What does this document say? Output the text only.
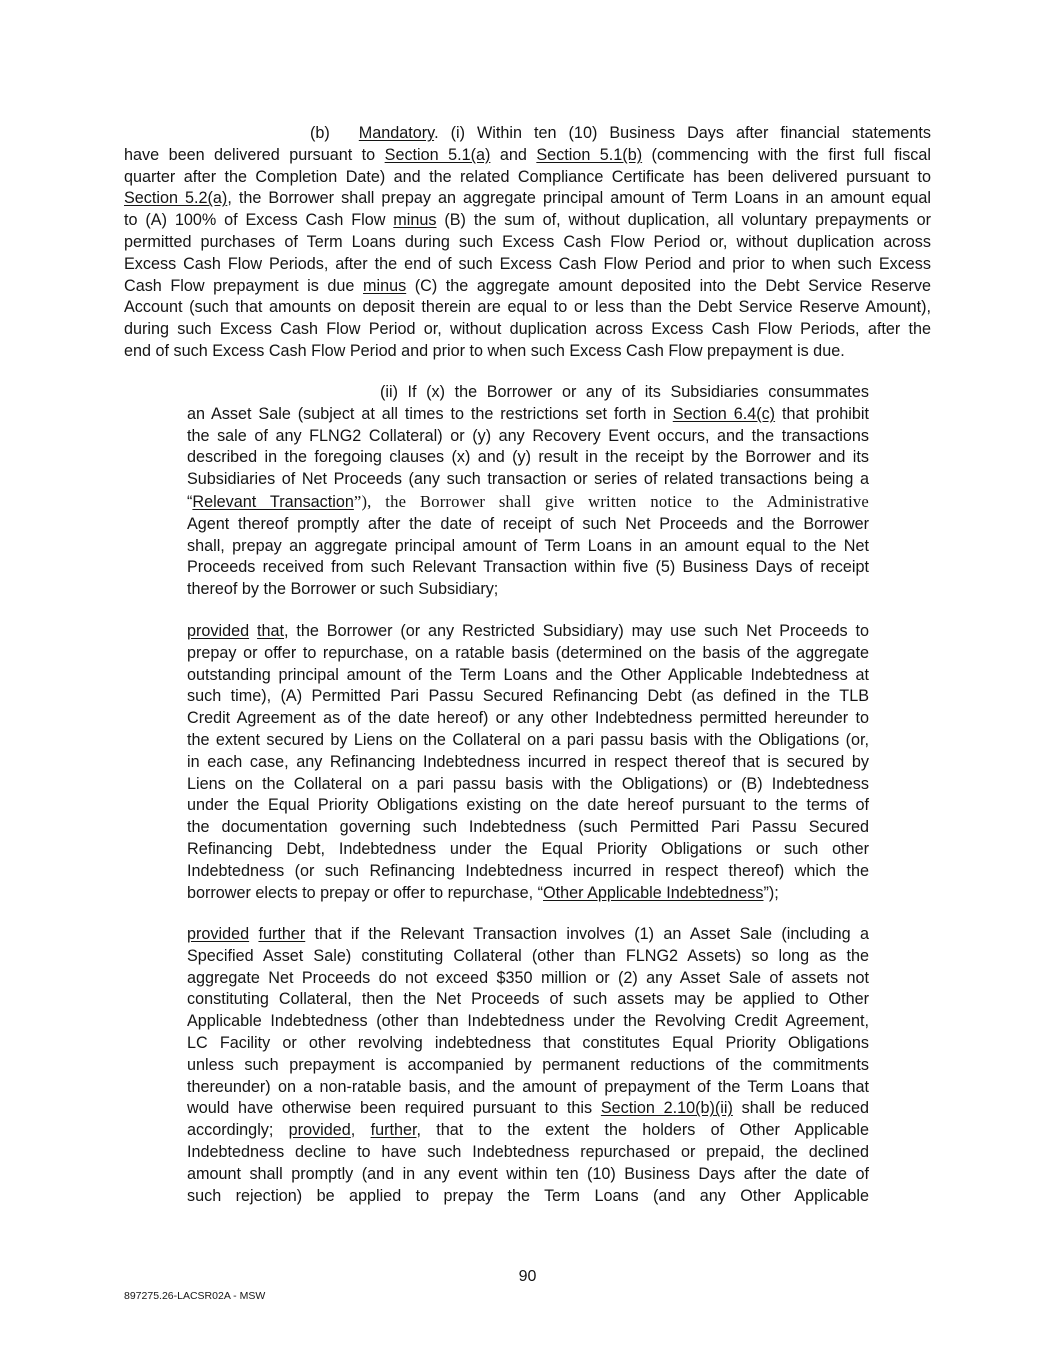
(b) Mandatory. (i) Within ten (10) Business Days after financial statements
have been delivered pursuant to Section 5.1(a) and Section 5.1(b) (commencing with the first full fiscal
quarter after the Completion Date) and the related Compliance Certificate has been delivered pursuant to
Section 5.2(a), the Borrower shall prepay an aggregate principal amount of Term Loans in an amount equal
to (A) 100% of Excess Cash Flow minus (B) the sum of, without duplication, all voluntary prepayments or
permitted purchases of Term Loans during such Excess Cash Flow Period or, without duplication across
Excess Cash Flow Periods, after the end of such Excess Cash Flow Period and prior to when such Excess
Cash Flow prepayment is due minus (C) the aggregate amount deposited into the Debt Service Reserve
Account (such that amounts on deposit therein are equal to or less than the Debt Service Reserve Amount),
during such Excess Cash Flow Period or, without duplication across Excess Cash Flow Periods, after the
end of such Excess Cash Flow Period and prior to when such Excess Cash Flow prepayment is due.
(ii) If (x) the Borrower or any of its Subsidiaries consummates
an Asset Sale (subject at all times to the restrictions set forth in Section 6.4(c) that prohibit
the sale of any FLNG2 Collateral) or (y) any Recovery Event occurs, and the transactions
described in the foregoing clauses (x) and (y) result in the receipt by the Borrower and its
Subsidiaries of Net Proceeds (any such transaction or series of related transactions being a
“Relevant Transaction”), the Borrower shall give written notice to the Administrative
Agent thereof promptly after the date of receipt of such Net Proceeds and the Borrower
shall, prepay an aggregate principal amount of Term Loans in an amount equal to the Net
Proceeds received from such Relevant Transaction within five (5) Business Days of receipt
thereof by the Borrower or such Subsidiary;
provided that, the Borrower (or any Restricted Subsidiary) may use such Net Proceeds to
prepay or offer to repurchase, on a ratable basis (determined on the basis of the aggregate
outstanding principal amount of the Term Loans and the Other Applicable Indebtedness at
such time), (A) Permitted Pari Passu Secured Refinancing Debt (as defined in the TLB
Credit Agreement as of the date hereof) or any other Indebtedness permitted hereunder to
the extent secured by Liens on the Collateral on a pari passu basis with the Obligations (or,
in each case, any Refinancing Indebtedness incurred in respect thereof that is secured by
Liens on the Collateral on a pari passu basis with the Obligations) or (B) Indebtedness
under the Equal Priority Obligations existing on the date hereof pursuant to the terms of
the documentation governing such Indebtedness (such Permitted Pari Passu Secured
Refinancing Debt, Indebtedness under the Equal Priority Obligations or such other
Indebtedness (or such Refinancing Indebtedness incurred in respect thereof) which the
borrower elects to prepay or offer to repurchase, “Other Applicable Indebtedness”);
provided further that if the Relevant Transaction involves (1) an Asset Sale (including a
Specified Asset Sale) constituting Collateral (other than FLNG2 Assets) so long as the
aggregate Net Proceeds do not exceed $350 million or (2) any Asset Sale of assets not
constituting Collateral, then the Net Proceeds of such assets may be applied to Other
Applicable Indebtedness (other than Indebtedness under the Revolving Credit Agreement,
LC Facility or other revolving indebtedness that constitutes Equal Priority Obligations
unless such prepayment is accompanied by permanent reductions of the commitments
thereunder) on a non-ratable basis, and the amount of prepayment of the Term Loans that
would have otherwise been required pursuant to this Section 2.10(b)(ii) shall be reduced
accordingly; provided, further, that to the extent the holders of Other Applicable
Indebtedness decline to have such Indebtedness repurchased or prepaid, the declined
amount shall promptly (and in any event within ten (10) Business Days after the date of
such rejection) be applied to prepay the Term Loans (and any Other Applicable
90
897275.26-LACSR02A - MSW
